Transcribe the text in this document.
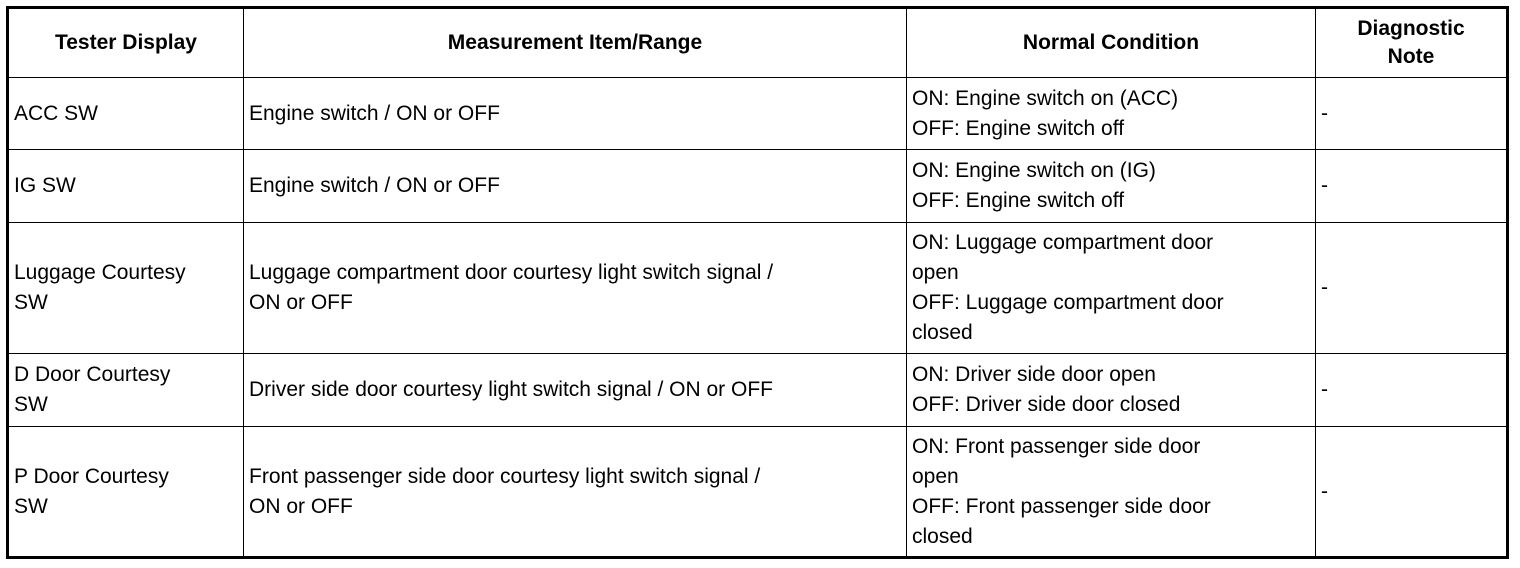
Tester Display	Measurement Item/Range	Normal Condition	Diagnostic
Note

ACC SW	Engine switch / ON or OFF	ON: Engine switch on (ACC)
OFF: Engine switch off	-

IG SW	Engine switch / ON or OFF	ON: Engine switch on (IG)
OFF: Engine switch off	-

Luggage Courtesy
SW	Luggage compartment door courtesy light switch signal /
ON or OFF	ON: Luggage compartment door
open
OFF: Luggage compartment door
closed	-

D Door Courtesy
SW	Driver side door courtesy light switch signal / ON or OFF	ON: Driver side door open
OFF: Driver side door closed	-

P Door Courtesy
SW	Front passenger side door courtesy light switch signal /
ON or OFF	ON: Front passenger side door
open
OFF: Front passenger side door
closed	-
